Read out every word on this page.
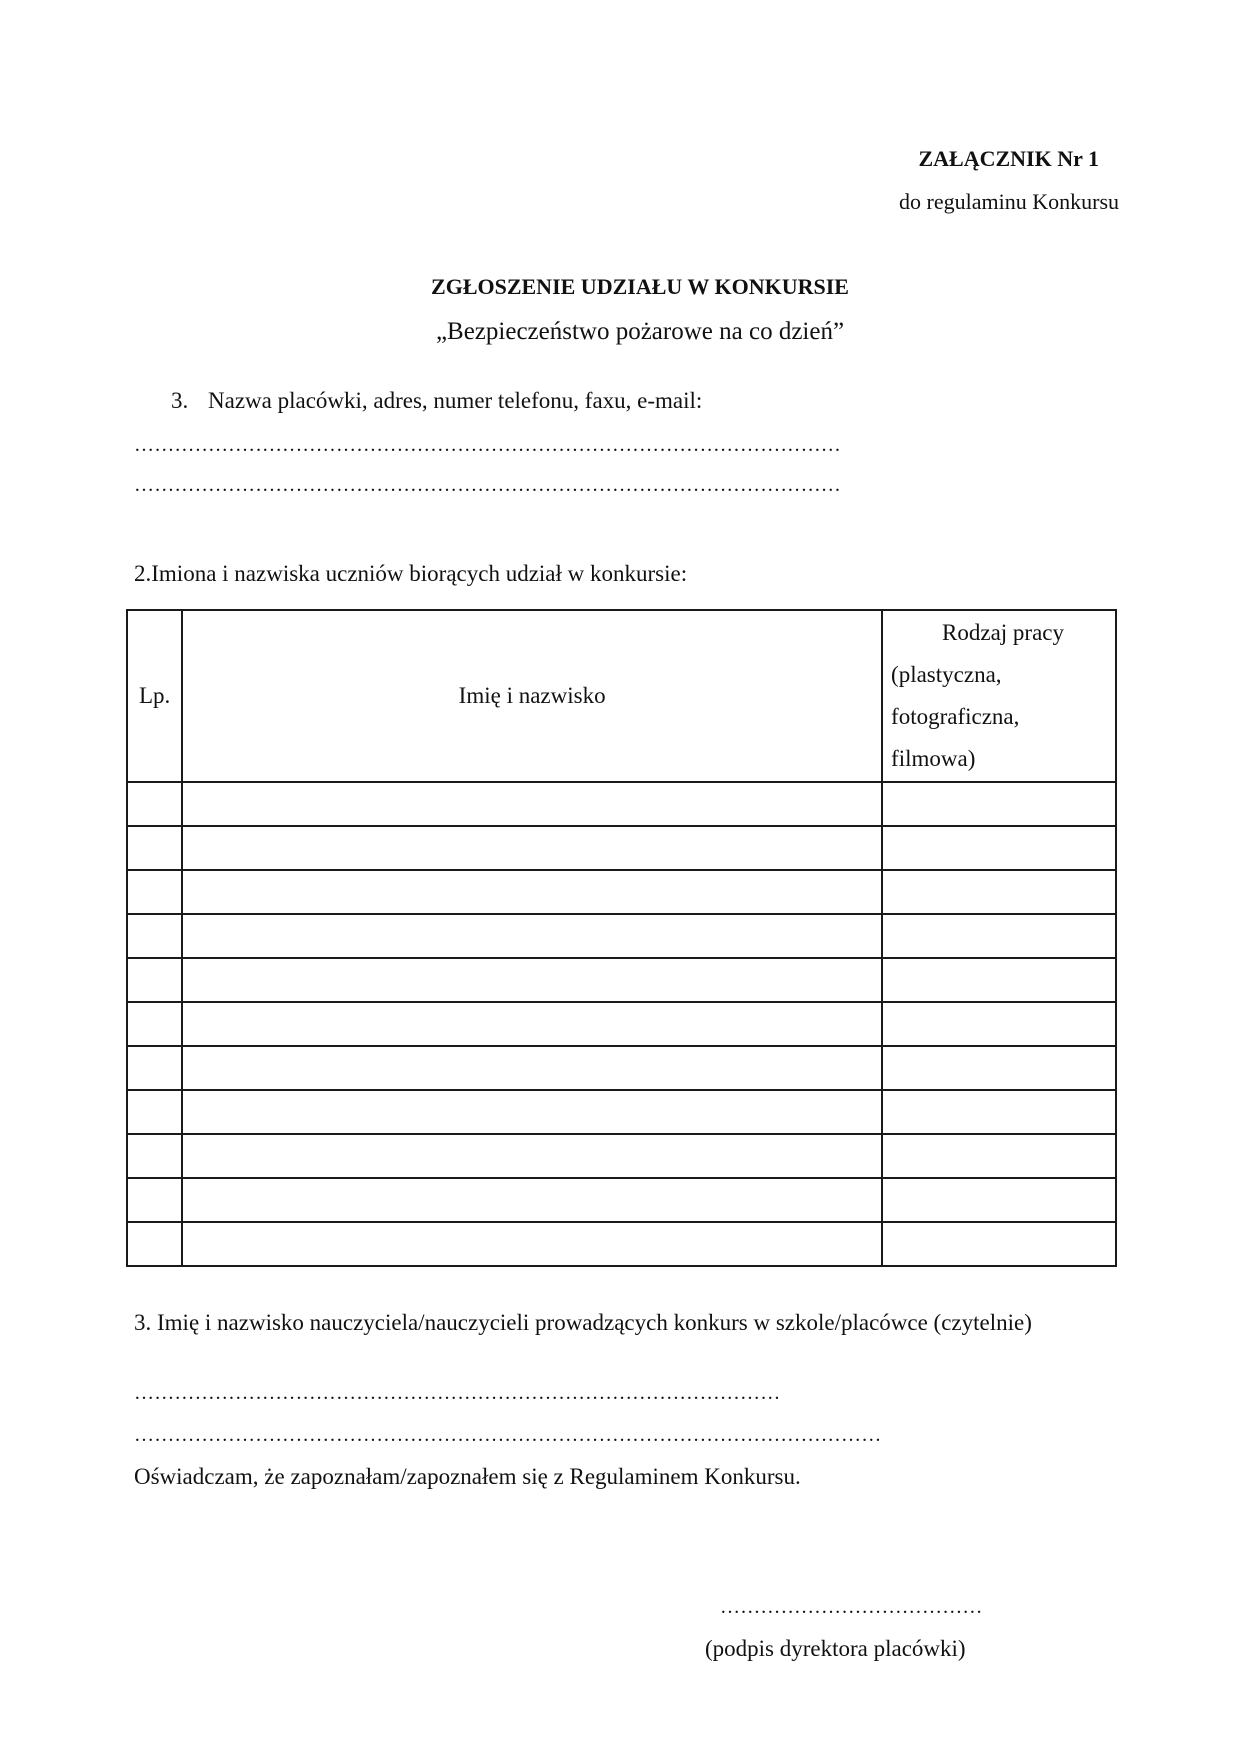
ZAŁĄCZNIK Nr 1
do regulaminu Konkursu
ZGŁOSZENIE UDZIAŁU W KONKURSIE
„Bezpieczeństwo pożarowe na co dzień”
3. Nazwa placówki, adres, numer telefonu, faxu, e-mail:
……………………………………………………………………………………………
……………………………………………………………………………………………
2.Imiona i nazwiska uczniów biorących udział w konkursie:
Lp.	Imię i nazwisko	Rodzaj pracy
(plastyczna,
fotograficzna,
filmowa)

3. Imię i nazwisko nauczyciela/nauczycieli prowadzących konkurs w szkole/placówce (czytelnie)
……………………………………………………………………………………
…………………………………………………………………………………………………
Oświadczam, że zapoznałam/zapoznałem się z Regulaminem Konkursu.
…………………………………
(podpis dyrektora placówki)
